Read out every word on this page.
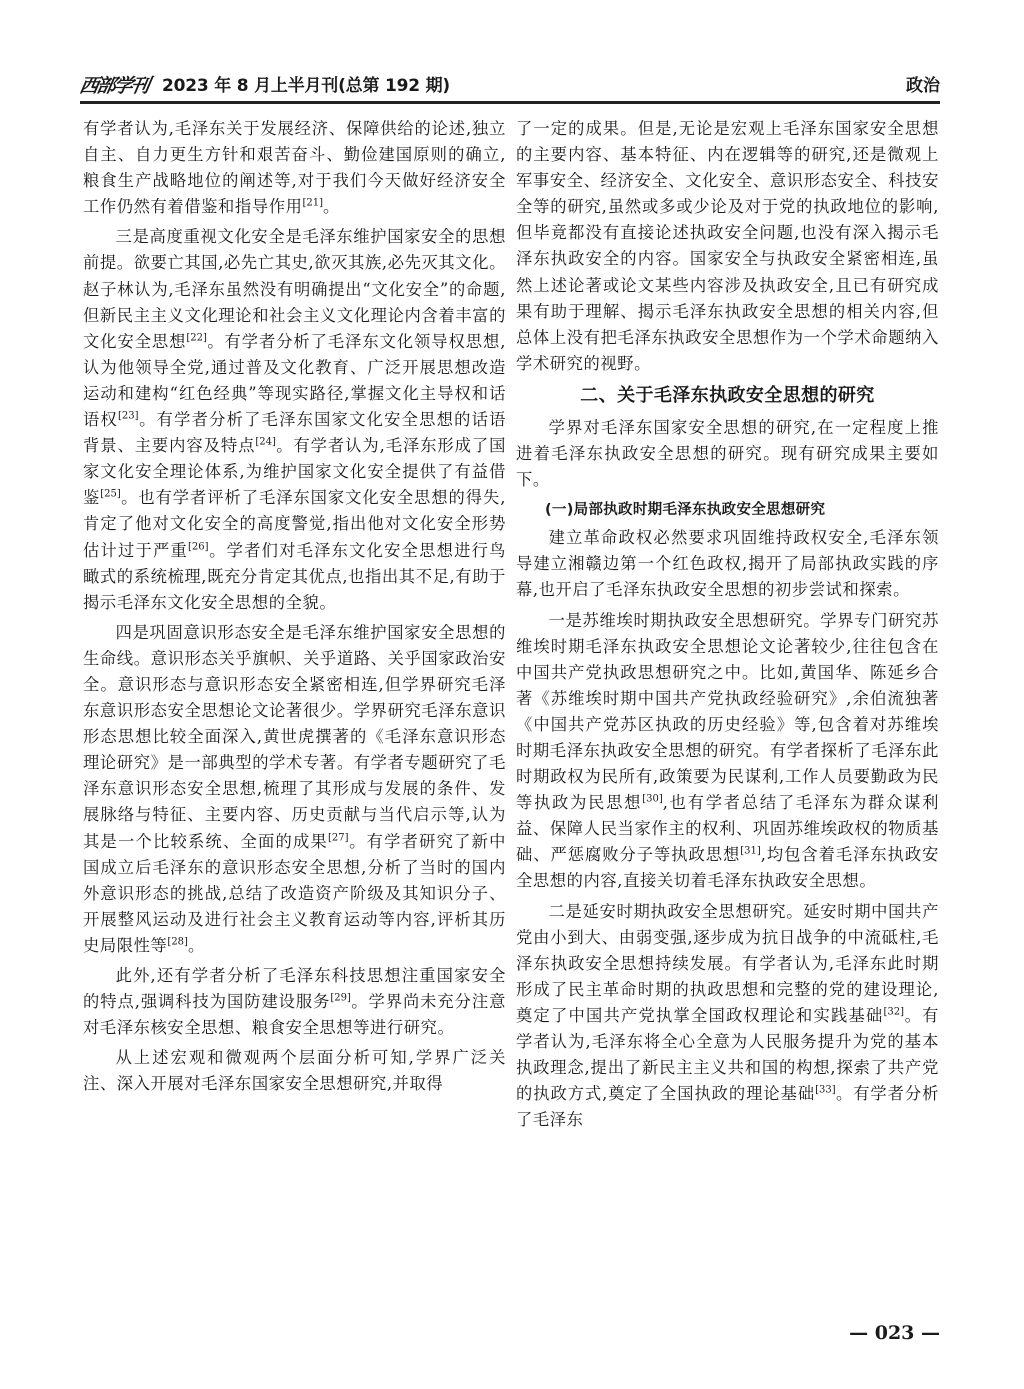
西部学刊 2023 年 8 月上半月刊(总第 192 期)	政治

有学者认为,毛泽东关于发展经济、保障供给的论述,独立自主、自力更生方针和艰苦奋斗、勤俭建国原则的确立,粮食生产战略地位的阐述等,对于我们今天做好经济安全工作仍然有着借鉴和指导作用[21]。

三是高度重视文化安全是毛泽东维护国家安全的思想前提。欲要亡其国,必先亡其史,欲灭其族,必先灭其文化。赵子林认为,毛泽东虽然没有明确提出“文化安全”的命题,但新民主主义文化理论和社会主义文化理论内含着丰富的文化安全思想[22]。有学者分析了毛泽东文化领导权思想,认为他领导全党,通过普及文化教育、广泛开展思想改造运动和建构“红色经典”等现实路径,掌握文化主导权和话语权[23]。有学者分析了毛泽东国家文化安全思想的话语背景、主要内容及特点[24]。有学者认为,毛泽东形成了国家文化安全理论体系,为维护国家文化安全提供了有益借鉴[25]。也有学者评析了毛泽东国家文化安全思想的得失,肯定了他对文化安全的高度警觉,指出他对文化安全形势估计过于严重[26]。学者们对毛泽东文化安全思想进行鸟瞰式的系统梳理,既充分肯定其优点,也指出其不足,有助于揭示毛泽东文化安全思想的全貌。

四是巩固意识形态安全是毛泽东维护国家安全思想的生命线。意识形态关乎旗帜、关乎道路、关乎国家政治安全。意识形态与意识形态安全紧密相连,但学界研究毛泽东意识形态安全思想论文论著很少。学界研究毛泽东意识形态思想比较全面深入,黄世虎撰著的《毛泽东意识形态理论研究》是一部典型的学术专著。有学者专题研究了毛泽东意识形态安全思想,梳理了其形成与发展的条件、发展脉络与特征、主要内容、历史贡献与当代启示等,认为其是一个比较系统、全面的成果[27]。有学者研究了新中国成立后毛泽东的意识形态安全思想,分析了当时的国内外意识形态的挑战,总结了改造资产阶级及其知识分子、开展整风运动及进行社会主义教育运动等内容,评析其历史局限性等[28]。

此外,还有学者分析了毛泽东科技思想注重国家安全的特点,强调科技为国防建设服务[29]。学界尚未充分注意对毛泽东核安全思想、粮食安全思想等进行研究。

从上述宏观和微观两个层面分析可知,学界广泛关注、深入开展对毛泽东国家安全思想研究,并取得

了一定的成果。但是,无论是宏观上毛泽东国家安全思想的主要内容、基本特征、内在逻辑等的研究,还是微观上军事安全、经济安全、文化安全、意识形态安全、科技安全等的研究,虽然或多或少论及对于党的执政地位的影响,但毕竟都没有直接论述执政安全问题,也没有深入揭示毛泽东执政安全的内容。国家安全与执政安全紧密相连,虽然上述论著或论文某些内容涉及执政安全,且已有研究成果有助于理解、揭示毛泽东执政安全思想的相关内容,但总体上没有把毛泽东执政安全思想作为一个学术命题纳入学术研究的视野。

二、关于毛泽东执政安全思想的研究

学界对毛泽东国家安全思想的研究,在一定程度上推进着毛泽东执政安全思想的研究。现有研究成果主要如下。

(一)局部执政时期毛泽东执政安全思想研究

建立革命政权必然要求巩固维持政权安全,毛泽东领导建立湘赣边第一个红色政权,揭开了局部执政实践的序幕,也开启了毛泽东执政安全思想的初步尝试和探索。

一是苏维埃时期执政安全思想研究。学界专门研究苏维埃时期毛泽东执政安全思想论文论著较少,往往包含在中国共产党执政思想研究之中。比如,黄国华、陈延乡合著《苏维埃时期中国共产党执政经验研究》,余伯流独著《中国共产党苏区执政的历史经验》等,包含着对苏维埃时期毛泽东执政安全思想的研究。有学者探析了毛泽东此时期政权为民所有,政策要为民谋利,工作人员要勤政为民等执政为民思想[30],也有学者总结了毛泽东为群众谋利益、保障人民当家作主的权利、巩固苏维埃政权的物质基础、严惩腐败分子等执政思想[31],均包含着毛泽东执政安全思想的内容,直接关切着毛泽东执政安全思想。

二是延安时期执政安全思想研究。延安时期中国共产党由小到大、由弱变强,逐步成为抗日战争的中流砥柱,毛泽东执政安全思想持续发展。有学者认为,毛泽东此时期形成了民主革命时期的执政思想和完整的党的建设理论,奠定了中国共产党执掌全国政权理论和实践基础[32]。有学者认为,毛泽东将全心全意为人民服务提升为党的基本执政理念,提出了新民主主义共和国的构想,探索了共产党的执政方式,奠定了全国执政的理论基础[33]。有学者分析了毛泽东

— 023 —
